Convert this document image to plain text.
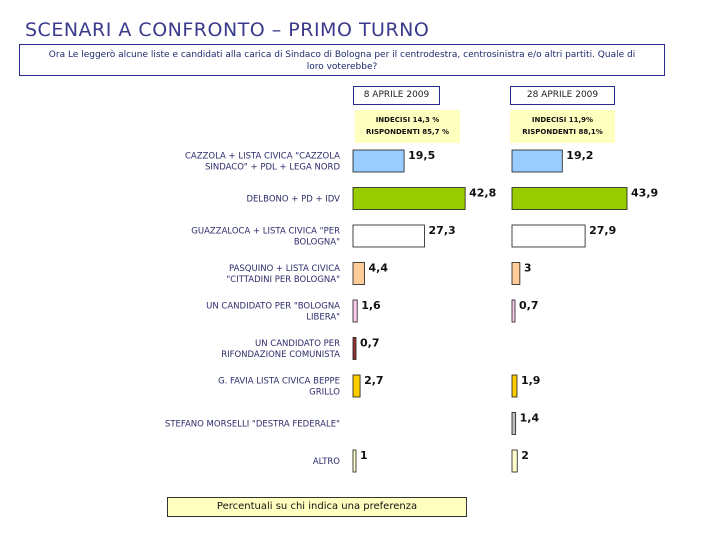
SCENARI A CONFRONTO – PRIMO TURNO
Ora Le leggerò alcune liste e candidati alla carica di Sindaco di Bologna per il centrodestra, centrosinistra e/o altri partiti. Quale di
loro voterebbe?
8 APRILE 2009	28 APRILE 2009
INDECISI 14,3 %
RISPONDENTI 85,7 %
INDECISI 11,9%
RISPONDENTI 88,1%
CAZZOLA + LISTA CIVICA "CAZZOLA SINDACO" + PDL + LEGA NORD
DELBONO + PD + IDV
GUAZZALOCA + LISTA CIVICA "PER BOLOGNA"
PASQUINO + LISTA CIVICA "CITTADINI PER BOLOGNA"
UN CANDIDATO PER "BOLOGNA LIBERA"
UN CANDIDATO PER RIFONDAZIONE COMUNISTA
G. FAVIA LISTA CIVICA BEPPE GRILLO
STEFANO MORSELLI "DESTRA FEDERALE"
ALTRO
19,5
42,8
27,3
4,4
1,6
0,7
2,7
1
19,2
43,9
27,9
3
0,7
1,9
1,4
2
Percentuali su chi indica una preferenza
